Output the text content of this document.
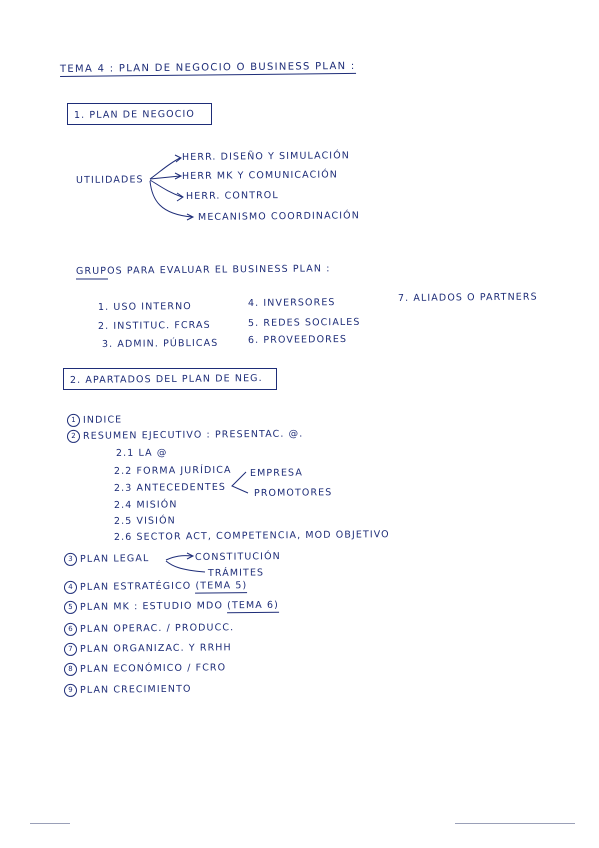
TEMA 4 : PLAN DE NEGOCIO O BUSINESS PLAN :
1. PLAN DE NEGOCIO
UTILIDADES
HERR. DISEÑO Y SIMULACIÓN
HERR MK Y COMUNICACIÓN
HERR. CONTROL
MECANISMO COORDINACIÓN
GRUPOS PARA EVALUAR EL BUSINESS PLAN :
1. USO INTERNO
2. INSTITUC. FCRAS
3. ADMIN. PÚBLICAS
4. INVERSORES
5. REDES SOCIALES
6. PROVEEDORES
7. ALIADOS O PARTNERS
2. APARTADOS DEL PLAN DE NEG.
1 INDICE
2 RESUMEN EJECUTIVO : PRESENTAC. @.
2.1 LA @
2.2 FORMA JURÍDICA
2.3 ANTECEDENTES
2.4 MISIÓN
2.5 VISIÓN
2.6 SECTOR ACT, COMPETENCIA, MOD OBJETIVO
EMPRESA
PROMOTORES
3 PLAN LEGAL	CONSTITUCIÓN
TRÁMITES
4 PLAN ESTRATÉGICO (TEMA 5)
5 PLAN MK : ESTUDIO MDO (TEMA 6)
6 PLAN OPERAC. / PRODUCC.
7 PLAN ORGANIZAC. Y RRHH
8 PLAN ECONÓMICO / FCRO
9 PLAN CRECIMIENTO
